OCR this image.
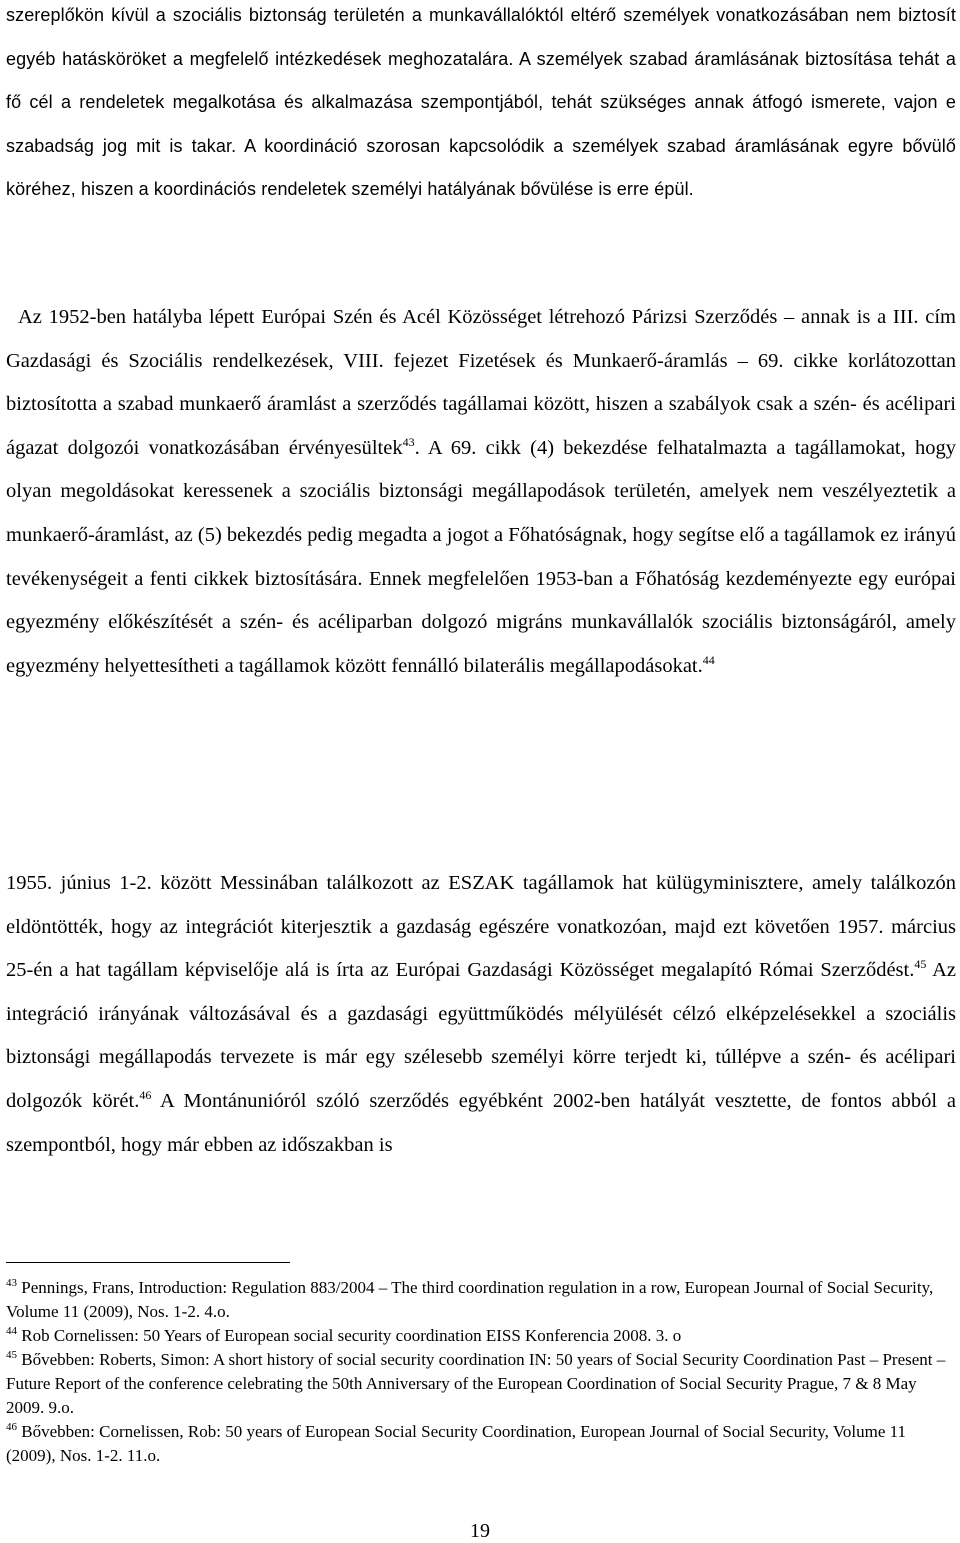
szereplőkön kívül a szociális biztonság területén a munkavállalóktól eltérő személyek vonatkozásában nem biztosít egyéb hatásköröket a megfelelő intézkedések meghozatalára. A személyek szabad áramlásának biztosítása tehát a fő cél a rendeletek megalkotása és alkalmazása szempontjából, tehát szükséges annak átfogó ismerete, vajon e szabadság jog mit is takar. A koordináció szorosan kapcsolódik a személyek szabad áramlásának egyre bővülő köréhez, hiszen a koordinációs rendeletek személyi hatályának bővülése is erre épül.

Az 1952-ben hatályba lépett Európai Szén és Acél Közösséget létrehozó Párizsi Szerződés – annak is a III. cím Gazdasági és Szociális rendelkezések, VIII. fejezet Fizetések és Munkaerő-áramlás – 69. cikke korlátozottan biztosította a szabad munkaerő áramlást a szerződés tagállamai között, hiszen a szabályok csak a szén- és acélipari ágazat dolgozói vonatkozásában érvényesültek$^{43}$. A 69. cikk (4) bekezdése felhatalmazta a tagállamokat, hogy olyan megoldásokat keressenek a szociális biztonsági megállapodások területén, amelyek nem veszélyeztetik a munkaerő-áramlást, az (5) bekezdés pedig megadta a jogot a Főhatóságnak, hogy segítse elő a tagállamok ez irányú tevékenységeit a fenti cikkek biztosítására. Ennek megfelelően 1953-ban a Főhatóság kezdeményezte egy európai egyezmény előkészítését a szén- és acéliparban dolgozó migráns munkavállalók szociális biztonságáról, amely egyezmény helyettesítheti a tagállamok között fennálló bilaterális megállapodásokat.$^{44}$

1955. június 1-2. között Messinában találkozott az ESZAK tagállamok hat külügyminisztere, amely találkozón eldöntötték, hogy az integrációt kiterjesztik a gazdaság egészére vonatkozóan, majd ezt követően 1957. március 25-én a hat tagállam képviselője alá is írta az Európai Gazdasági Közösséget megalapító Római Szerződést.$^{45}$ Az integráció irányának változásával és a gazdasági együttműködés mélyülését célzó elképzelésekkel a szociális biztonsági megállapodás tervezete is már egy szélesebb személyi körre terjedt ki, túllépve a szén- és acélipari dolgozók körét.$^{46}$ A Montánunióról szóló szerződés egyébként 2002-ben hatályát vesztette, de fontos abból a szempontból, hogy már ebben az időszakban is

$^{43}$ Pennings, Frans, Introduction: Regulation 883/2004 – The third coordination regulation in a row, European Journal of Social Security, Volume 11 (2009), Nos. 1-2. 4.o.

$^{44}$ Rob Cornelissen: 50 Years of European social security coordination EISS Konferencia 2008. 3. o

$^{45}$ Bővebben: Roberts, Simon: A short history of social security coordination IN: 50 years of Social Security Coordination Past – Present – Future Report of the conference celebrating the 50th Anniversary of the European Coordination of Social Security Prague, 7 & 8 May 2009. 9.o.

$^{46}$ Bővebben: Cornelissen, Rob: 50 years of European Social Security Coordination, European Journal of Social Security, Volume 11 (2009), Nos. 1-2. 11.o.

19
